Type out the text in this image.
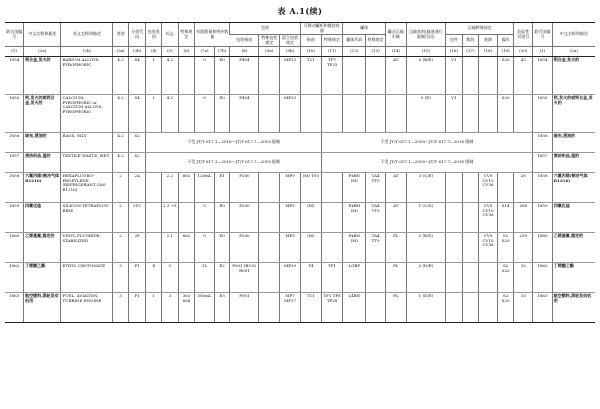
表 A.1(续)
联合国编号	中文名称和描述	英文名称和描述	类别	分类代码	包装类别	标志	特殊规定	有限数量和例外数量		包装			可移动罐柜和散装容器		罐体		罐式运输车辆	运输类别(隧道通行限制代码)	运输特殊规定				危险性识别号	联合国编号	中文名称和描述
										包装指南	特殊包装规定	混合包装规定	指南	特殊规定	罐体代码	特殊规定			包件	散装	装卸	操作			
(1)	(2a)	(2b)	(3a)	(3b)	(4)	(5)	(6)	(7a)	(7b)	(8)	(9a)	(9b)	(10)	(11)	(12)	(13)	(14)	(15)	(16)	(17)	(18)	(19)	(20)	(1)	(2a)
1854	钡合金,发火的	BARIUM ALLOYS, PYROPHORIC	4.2	S4	Ⅰ	4.2		0	E0	P404		MP13	T21	TP7 TP33			AT	0 (B/E)	V1			S20	43	1854	钡合金,发火的
1855	钙,发火的或钙合金,发火的	CALCIUM, PYROPHORIC or CALCIUM ALLOYS, PYROPHORIC	4.2	S4	Ⅰ	4.2		0	E0	P404		MP13						0 (E)	V1			S20		1855	钙,发火的或钙合金,发火的
1856	破布,浸油的	RAGS, OILY	4.2	S2	不受 JT/T 617.1—2018～JT/T 617.7—2018 限制									不受 JT/T 617.1—2018～JT/T 617.7—2018 限制										1856	破布,浸油的
1857	废纺织品,湿的	TEXTILE WASTE, WET	4.2	S2	不受 JT/T 617.1—2018～JT/T 617.7—2018 限制									不受 JT/T 617.1—2018～JT/T 617.7—2018 限制										1857	废纺织品,湿的
1858	六氟丙烯(制冷气体 R1216)	HEXAFLUORO-PROPYLENE (REFRIGERANT GAS R1216)	2	2A		2.2	662	120mL	E1	P200		MP9	(M) T50		PxBN (M)	TA4 TT9	AT	3 (C/E)			CV9 CV10 CV36		20	1858	六氟丙烯(制冷气体 R1216)
1859	四氟化硅	SILICON TETRAFLUO-RIDE	2	2TC		2.3 +8		0	E0	P200		MP9	(M)		PxBH (M)	TA4 TT9	AT	1 (C/D)			CV9 CV10 CV36	S14	268	1859	四氟化硅
1860	乙烯基氟,稳定的	VINYL FLUORIDE, STABILIZED	2	2F		2.1	662	0	E0	P200		MP9	(M)		PxBN (M)	TA4 TT9	FL	2 (B/D)			CV9 CV10 CV36	S2 S20	239	1860	乙烯基氟,稳定的
1862	丁烯酸乙酯	ETHYL CROTONATE	3	F1	Ⅱ	3		1L	E2	P001 IBC02 R001		MP19	T4	TP1	LGBF		FL	2 (D/E)				S2 S20	33	1862	丁烯酸乙酯
1863	航空燃料,涡轮发动机用	FUEL, AVIATION, TURBINE ENGINE	3	F1	Ⅰ	3	363 664	500mL	E3	P001		MP7 MP17	T11	TP1 TP8 TP28	L4BN		FL	1 (D/E)				S2 S20	33	1863	航空燃料,涡轮发动机用
